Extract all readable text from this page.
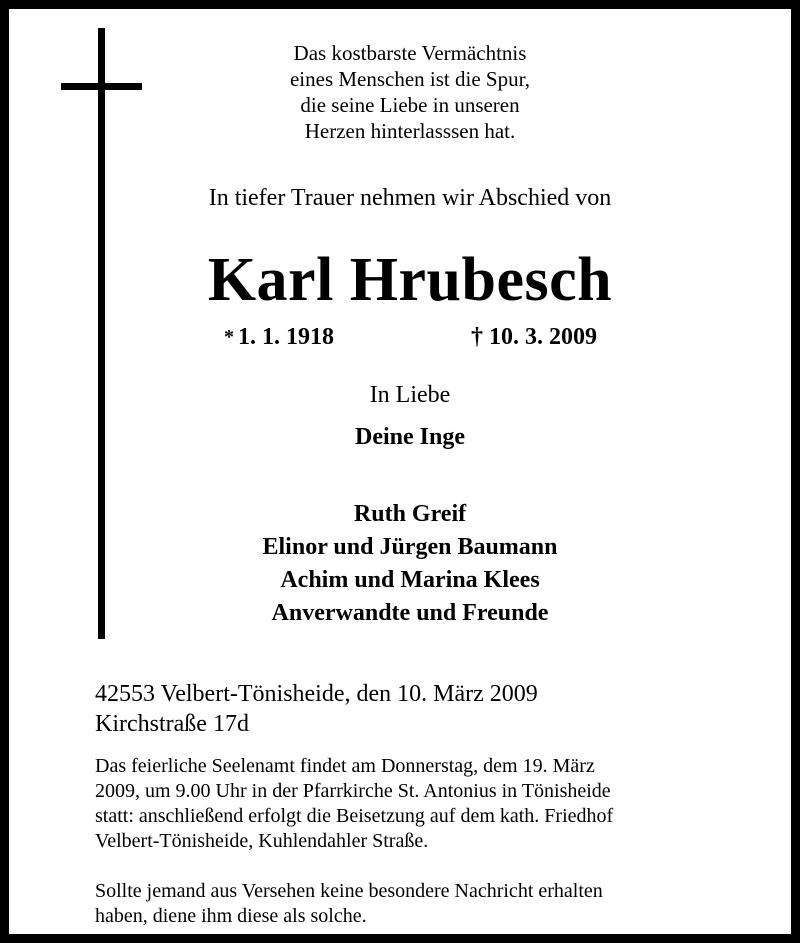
Das kostbarste Vermächtnis
eines Menschen ist die Spur,
die seine Liebe in unseren
Herzen hinterlasssen hat.
In tiefer Trauer nehmen wir Abschied von
Karl Hrubesch
* 1. 1. 1918	† 10. 3. 2009
In Liebe
Deine Inge
Ruth Greif
Elinor und Jürgen Baumann
Achim und Marina Klees
Anverwandte und Freunde
42553 Velbert-Tönisheide, den 10. März 2009
Kirchstraße 17d
Das feierliche Seelenamt findet am Donnerstag, dem 19. März
2009, um 9.00 Uhr in der Pfarrkirche St. Antonius in Tönisheide
statt: anschließend erfolgt die Beisetzung auf dem kath. Friedhof
Velbert-Tönisheide, Kuhlendahler Straße.
Sollte jemand aus Versehen keine besondere Nachricht erhalten
haben, diene ihm diese als solche.
